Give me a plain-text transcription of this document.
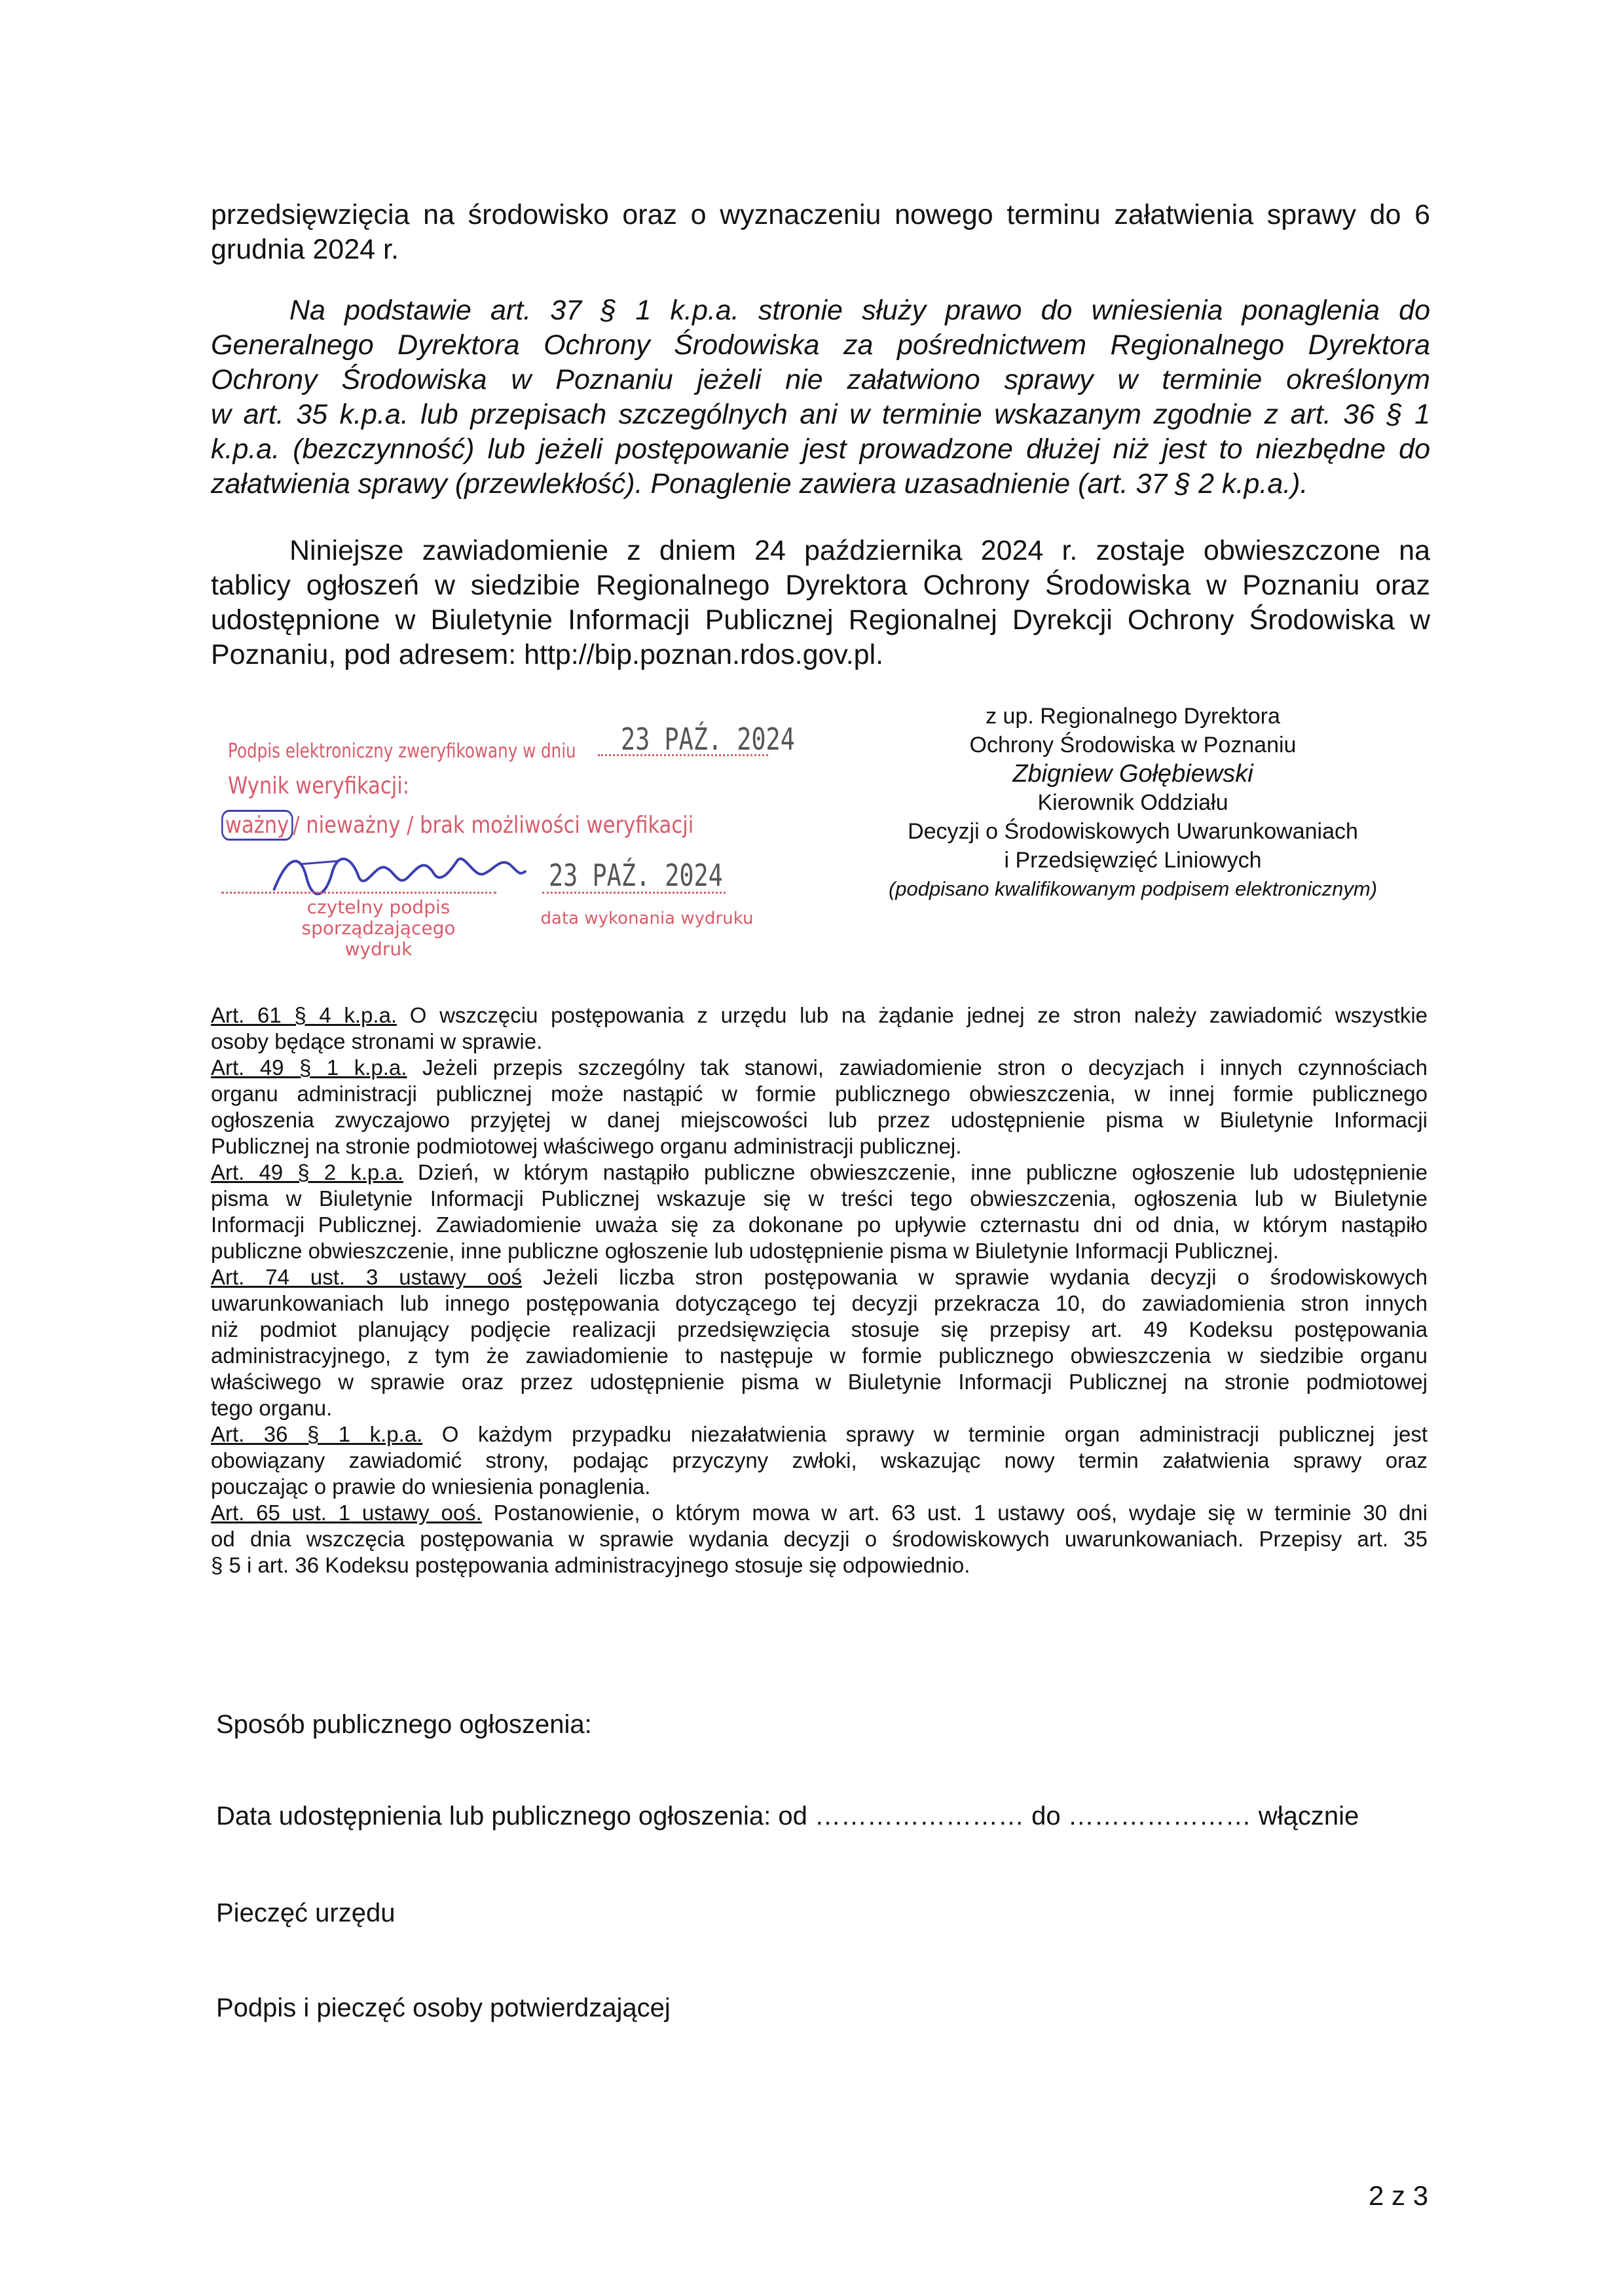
przedsięwzięcia na środowisko oraz o wyznaczeniu nowego terminu załatwienia sprawy do 6
grudnia 2024 r.
Na podstawie art. 37 § 1 k.p.a. stronie służy prawo do wniesienia ponaglenia do
Generalnego Dyrektora Ochrony Środowiska za pośrednictwem Regionalnego Dyrektora
Ochrony Środowiska w Poznaniu jeżeli nie załatwiono sprawy w terminie określonym
w art. 35 k.p.a. lub przepisach szczególnych ani w terminie wskazanym zgodnie z art. 36 § 1
k.p.a. (bezczynność) lub jeżeli postępowanie jest prowadzone dłużej niż jest to niezbędne do
załatwienia sprawy (przewlekłość). Ponaglenie zawiera uzasadnienie (art. 37 § 2 k.p.a.).
Niniejsze zawiadomienie z dniem 24 października 2024 r. zostaje obwieszczone na
tablicy ogłoszeń w siedzibie Regionalnego Dyrektora Ochrony Środowiska w Poznaniu oraz
udostępnione w Biuletynie Informacji Publicznej Regionalnej Dyrekcji Ochrony Środowiska w
Poznaniu, pod adresem: http://bip.poznan.rdos.gov.pl.
Podpis elektroniczny zweryfikowany w dniu 23 PAŹ. 2024
Wynik weryfikacji:
ważny / nieważny / brak możliwości weryfikacji
23 PAŹ. 2024
czytelny podpis sporządzającego wydruk
data wykonania wydruku
z up. Regionalnego Dyrektora
Ochrony Środowiska w Poznaniu
Zbigniew Gołębiewski
Kierownik Oddziału
Decyzji o Środowiskowych Uwarunkowaniach
i Przedsięwzięć Liniowych
(podpisano kwalifikowanym podpisem elektronicznym)
Art. 61 § 4 k.p.a. O wszczęciu postępowania z urzędu lub na żądanie jednej ze stron należy zawiadomić wszystkie
osoby będące stronami w sprawie.
Art. 49 § 1 k.p.a. Jeżeli przepis szczególny tak stanowi, zawiadomienie stron o decyzjach i innych czynnościach
organu administracji publicznej może nastąpić w formie publicznego obwieszczenia, w innej formie publicznego
ogłoszenia zwyczajowo przyjętej w danej miejscowości lub przez udostępnienie pisma w Biuletynie Informacji
Publicznej na stronie podmiotowej właściwego organu administracji publicznej.
Art. 49 § 2 k.p.a. Dzień, w którym nastąpiło publiczne obwieszczenie, inne publiczne ogłoszenie lub udostępnienie
pisma w Biuletynie Informacji Publicznej wskazuje się w treści tego obwieszczenia, ogłoszenia lub w Biuletynie
Informacji Publicznej. Zawiadomienie uważa się za dokonane po upływie czternastu dni od dnia, w którym nastąpiło
publiczne obwieszczenie, inne publiczne ogłoszenie lub udostępnienie pisma w Biuletynie Informacji Publicznej.
Art. 74 ust. 3 ustawy ooś Jeżeli liczba stron postępowania w sprawie wydania decyzji o środowiskowych
uwarunkowaniach lub innego postępowania dotyczącego tej decyzji przekracza 10, do zawiadomienia stron innych
niż podmiot planujący podjęcie realizacji przedsięwzięcia stosuje się przepisy art. 49 Kodeksu postępowania
administracyjnego, z tym że zawiadomienie to następuje w formie publicznego obwieszczenia w siedzibie organu
właściwego w sprawie oraz przez udostępnienie pisma w Biuletynie Informacji Publicznej na stronie podmiotowej
tego organu.
Art. 36 § 1 k.p.a. O każdym przypadku niezałatwienia sprawy w terminie organ administracji publicznej jest
obowiązany zawiadomić strony, podając przyczyny zwłoki, wskazując nowy termin załatwienia sprawy oraz
pouczając o prawie do wniesienia ponaglenia.
Art. 65 ust. 1 ustawy ooś. Postanowienie, o którym mowa w art. 63 ust. 1 ustawy ooś, wydaje się w terminie 30 dni
od dnia wszczęcia postępowania w sprawie wydania decyzji o środowiskowych uwarunkowaniach. Przepisy art. 35
§ 5 i art. 36 Kodeksu postępowania administracyjnego stosuje się odpowiednio.
Sposób publicznego ogłoszenia:
Data udostępnienia lub publicznego ogłoszenia: od …………………… do ………………… włącznie
Pieczęć urzędu
Podpis i pieczęć osoby potwierdzającej
2 z 3
